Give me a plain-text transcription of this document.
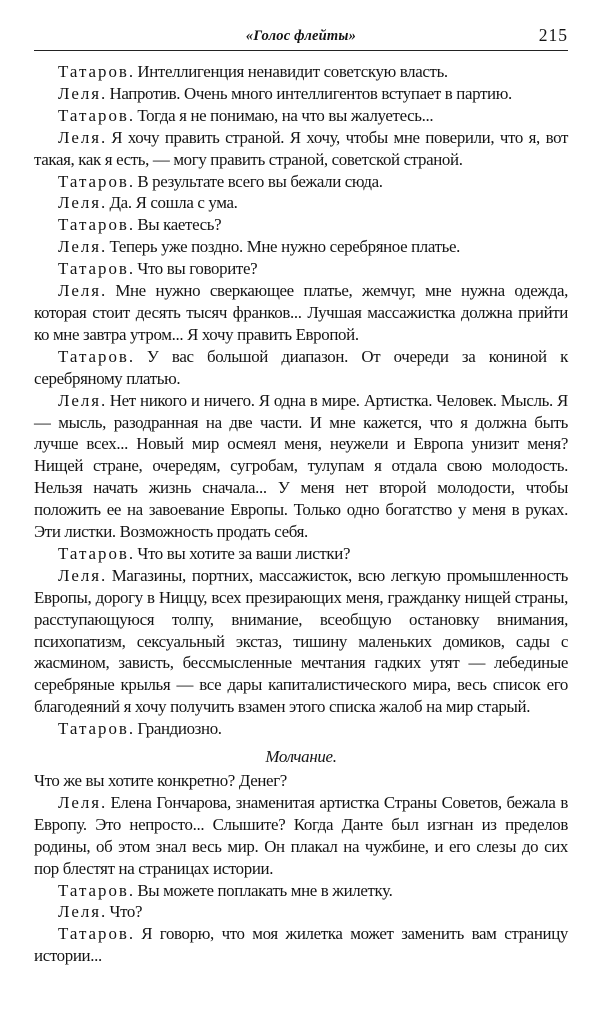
«Голос флейты»	215

Татаров. Интеллигенция ненавидит советскую власть.

Леля. Напротив. Очень много интеллигентов вступает в партию.

Татаров. Тогда я не понимаю, на что вы жалуетесь...

Леля. Я хочу править страной. Я хочу, чтобы мне поверили, что я, вот такая, как я есть, — могу править страной, советской страной.

Татаров. В результате всего вы бежали сюда.

Леля. Да. Я сошла с ума.

Татаров. Вы каетесь?

Леля. Теперь уже поздно. Мне нужно серебряное платье.

Татаров. Что вы говорите?

Леля. Мне нужно сверкающее платье, жемчуг, мне нужна одежда, которая стоит десять тысяч франков... Лучшая массажистка должна прийти ко мне завтра утром... Я хочу править Европой.

Татаров. У вас большой диапазон. От очереди за кониной к серебряному платью.

Леля. Нет никого и ничего. Я одна в мире. Артистка. Человек. Мысль. Я — мысль, разодранная на две части. И мне кажется, что я должна быть лучше всех... Новый мир осмеял меня, неужели и Европа унизит меня? Нищей стране, очередям, сугробам, тулупам я отдала свою молодость. Нельзя начать жизнь сначала... У меня нет второй молодости, чтобы положить ее на завоевание Европы. Только одно богатство у меня в руках. Эти листки. Возможность продать себя.

Татаров. Что вы хотите за ваши листки?

Леля. Магазины, портних, массажисток, всю легкую промышленность Европы, дорогу в Ниццу, всех презирающих меня, гражданку нищей страны, расступающуюся толпу, внимание, всеобщую остановку внимания, психопатизм, сексуальный экстаз, тишину маленьких домиков, сады с жасмином, зависть, бессмысленные мечтания гадких утят — лебединые серебряные крылья — все дары капиталистического мира, весь список его благодеяний я хочу получить взамен этого списка жалоб на мир старый.

Татаров. Грандиозно.

Молчание.

Что же вы хотите конкретно? Денег?

Леля. Елена Гончарова, знаменитая артистка Страны Советов, бежала в Европу. Это непросто... Слышите? Когда Данте был изгнан из пределов родины, об этом знал весь мир. Он плакал на чужбине, и его слезы до сих пор блестят на страницах истории.

Татаров. Вы можете поплакать мне в жилетку.

Леля. Что?

Татаров. Я говорю, что моя жилетка может заменить вам страницу истории...
